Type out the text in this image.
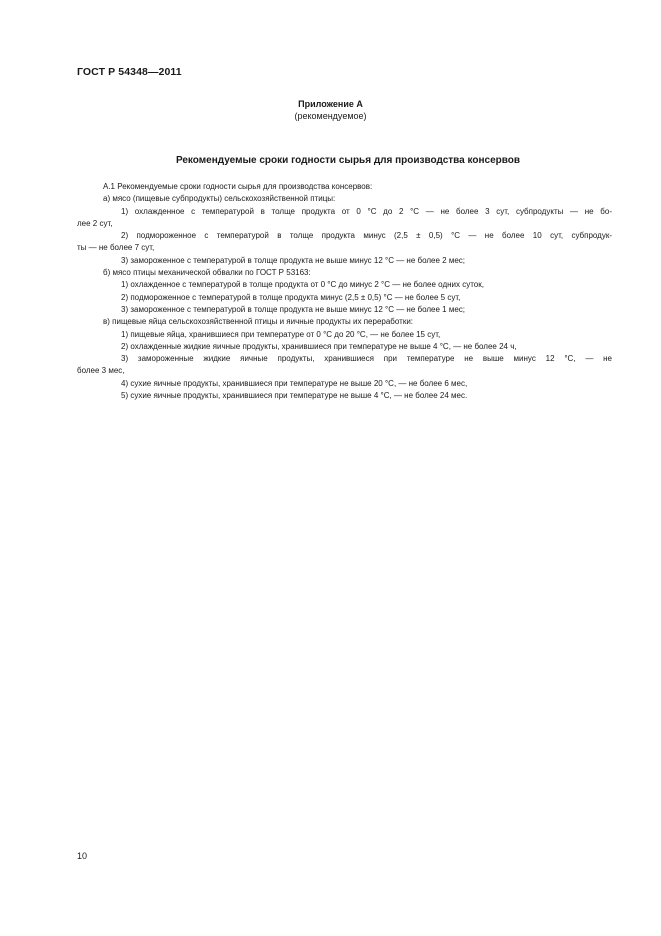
ГОСТ Р 54348—2011
Приложение А
(рекомендуемое)
Рекомендуемые сроки годности сырья для производства консервов
А.1 Рекомендуемые сроки годности сырья для производства консервов:
а) мясо (пищевые субпродукты) сельскохозяйственной птицы:
1) охлажденное с температурой в толще продукта от 0 °С до 2 °С — не более 3 сут, субпродукты — не бо-
лее 2 сут,
2) подмороженное с температурой в толще продукта минус (2,5 ± 0,5) °С — не более 10 сут, субпродук-
ты — не более 7 сут,
3) замороженное с температурой в толще продукта не выше минус 12 °С — не более 2 мес;
б) мясо птицы механической обвалки по ГОСТ Р 53163:
1) охлажденное с температурой в толще продукта от 0 °С до минус 2 °С — не более одних суток,
2) подмороженное с температурой в толще продукта минус (2,5 ± 0,5) °С — не более 5 сут,
3) замороженное с температурой в толще продукта не выше минус 12 °С — не более 1 мес;
в) пищевые яйца сельскохозяйственной птицы и яичные продукты их переработки:
1) пищевые яйца, хранившиеся при температуре от 0 °С до 20 °С, — не более 15 сут,
2) охлажденные жидкие яичные продукты, хранившиеся при температуре не выше 4 °С, — не более 24 ч,
3) замороженные жидкие яичные продукты, хранившиеся при температуре не выше минус 12 °С, — не
более 3 мес,
4) сухие яичные продукты, хранившиеся при температуре не выше 20 °С, — не более 6 мес,
5) сухие яичные продукты, хранившиеся при температуре не выше 4 °С, — не более 24 мес.
10
